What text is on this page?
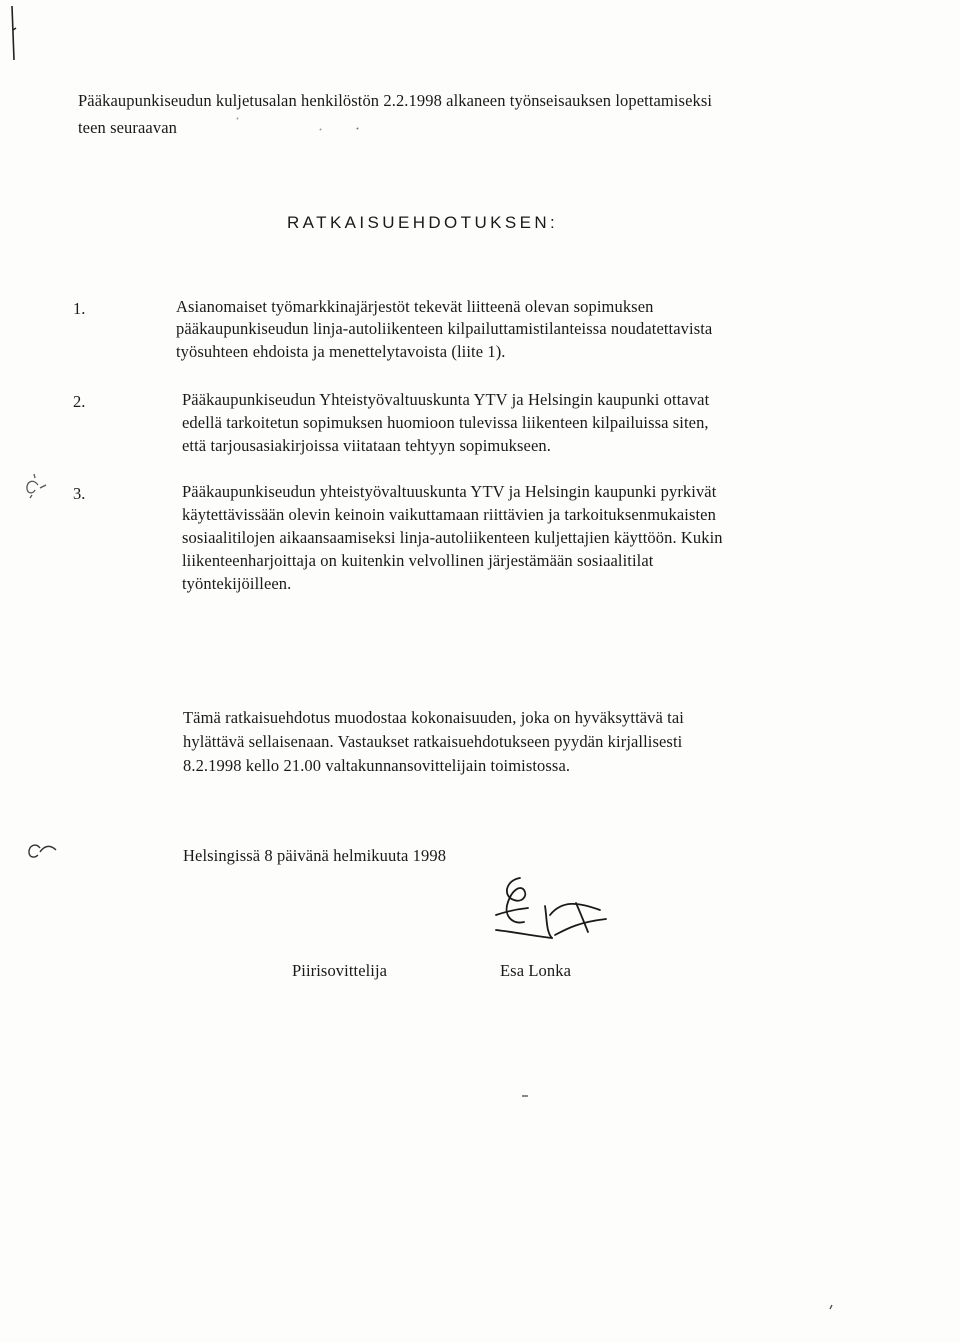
Pääkaupunkiseudun kuljetusalan henkilöstön 2.2.1998 alkaneen työnseisauksen lopettamiseksi
teen seuraavan
RATKAISUEHDOTUKSEN:
1.	Asianomaiset työmarkkinajärjestöt tekevät liitteenä olevan sopimuksen
pääkaupunkiseudun linja-autoliikenteen kilpailuttamistilanteissa noudatettavista
työsuhteen ehdoista ja menettelytavoista (liite 1).
2.	Pääkaupunkiseudun Yhteistyövaltuuskunta YTV ja Helsingin kaupunki ottavat
edellä tarkoitetun sopimuksen huomioon tulevissa liikenteen kilpailuissa siten,
että tarjousasiakirjoissa viitataan tehtyyn sopimukseen.
3.	Pääkaupunkiseudun yhteistyövaltuuskunta YTV ja Helsingin kaupunki pyrkivät
käytettävissään olevin keinoin vaikuttamaan riittävien ja tarkoituksenmukaisten
sosiaalitilojen aikaansaamiseksi linja-autoliikenteen kuljettajien käyttöön. Kukin
liikenteenharjoittaja on kuitenkin velvollinen järjestämään sosiaalitilat
työntekijöilleen.
Tämä ratkaisuehdotus muodostaa kokonaisuuden, joka on hyväksyttävä tai
hylättävä sellaisenaan. Vastaukset ratkaisuehdotukseen pyydän kirjallisesti
8.2.1998 kello 21.00 valtakunnansovittelijain toimistossa.
Helsingissä 8 päivänä helmikuuta 1998
Piirisovittelija	Esa Lonka
